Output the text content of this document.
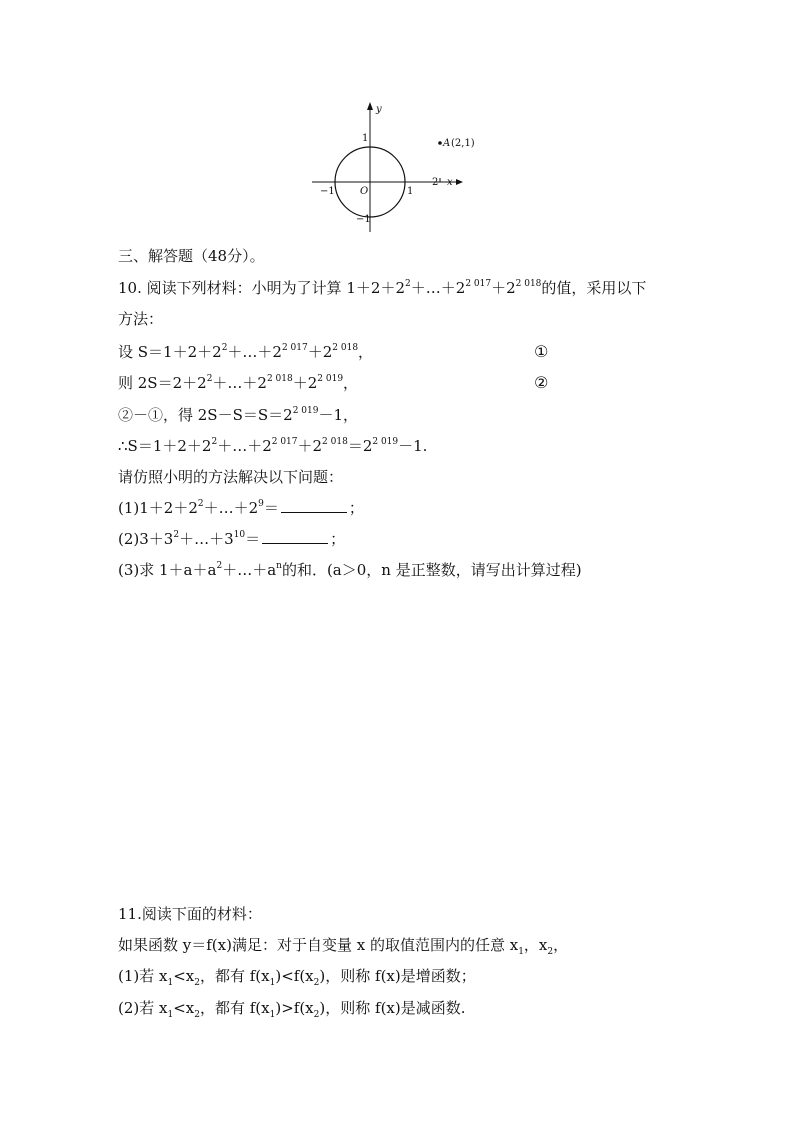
y
x
O
1
−1
−1	1
2
A (2,1)
三、解答题（48分）。
10. 阅读下列材料：小明为了计算 $1+2+2^2+\dots+2^{2 017}+2^{2 018}$的值，采用以下
方法：
设 $S=1+2+2^2+\dots+2^{2 017}+2^{2 018}$，	①
则 $2S=2+2^2+\dots+2^{2 018}+2^{2 019}$，	②
②－①，得 $2S-S=S=2^{2 019}-1$，
$\therefore S=1+2+2^2+\dots+2^{2 017}+2^{2 018}=2^{2 019}-1$.
请仿照小明的方法解决以下问题：
$(1)1+2+2^2+\dots+2^9=$	；
$(2)3+3^2+\dots+3^{10}=$	；
(3)求 $1+a+a^2+\dots+a^n$的和．(a＞0，n 是正整数，请写出计算过程)
11.阅读下面的材料：
如果函数 y＝f(x)满足：对于自变量 x 的取值范围内的任意 $x_1$，$x_2$，
(1)若 $x_1<x_2$，都有 $f(x_1)<f(x_2)$，则称 f(x)是增函数；
(2)若 $x_1<x_2$，都有 $f(x_1)>f(x_2)$，则称 f(x)是减函数.
